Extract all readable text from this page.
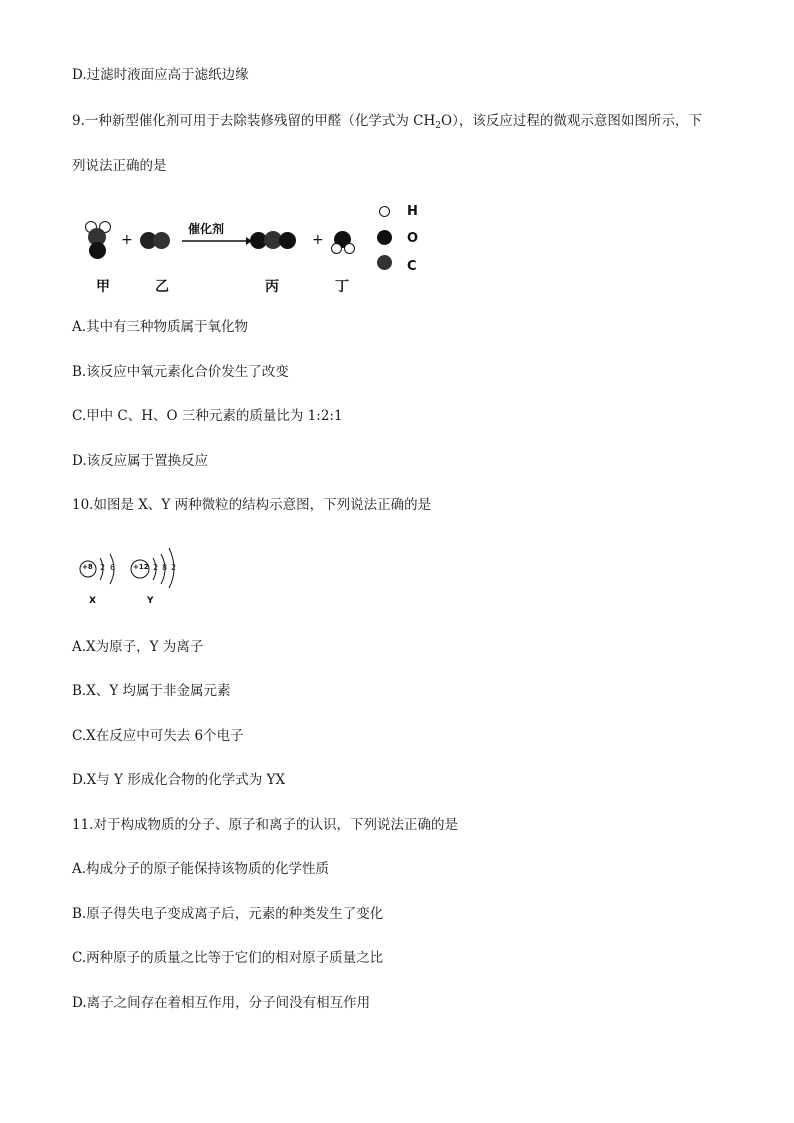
D.过滤时液面应高于滤纸边缘
9.一种新型催化剂可用于去除装修残留的甲醛（化学式为 $CH_2O$），该反应过程的微观示意图如图所示，下
列说法正确的是
+
催化剂
+
甲	乙	丙	丁
H
O
C
A.其中有三种物质属于氧化物
B.该反应中氧元素化合价发生了改变
C.甲中 C、H、O 三种元素的质量比为 1:2:1
D.该反应属于置换反应
10.如图是 X、Y 两种微粒的结构示意图，下列说法正确的是
+8 2 6	+12 2 8 2
X	Y
A.X为原子，Y 为离子
B.X、Y 均属于非金属元素
C.X在反应中可失去 6个电子
D.X与 Y 形成化合物的化学式为 YX
11.对于构成物质的分子、原子和离子的认识，下列说法正确的是
A.构成分子的原子能保持该物质的化学性质
B.原子得失电子变成离子后，元素的种类发生了变化
C.两种原子的质量之比等于它们的相对原子质量之比
D.离子之间存在着相互作用，分子间没有相互作用
